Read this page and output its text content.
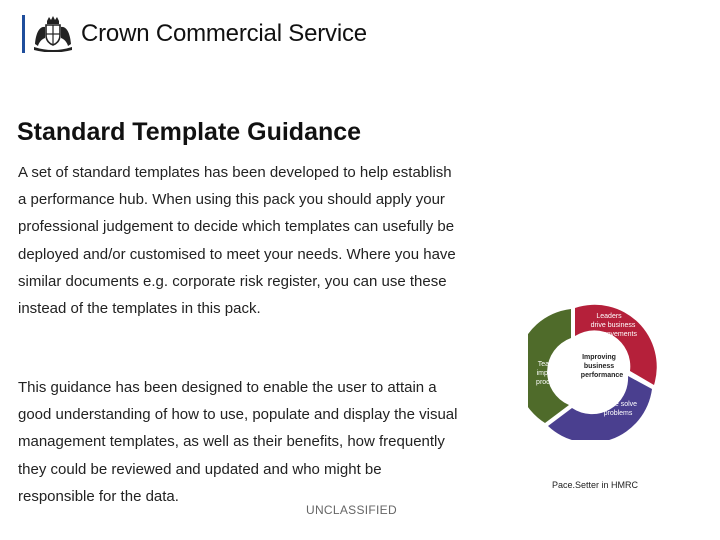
Crown Commercial Service
Standard Template Guidance

A set of standard templates has been developed to help establish a performance hub. When using this pack you should apply your professional judgement to decide which templates can usefully be deployed and/or customised to meet your needs. Where you have similar documents e.g. corporate risk register, you can use these instead of the templates in this pack.

This guidance has been designed to enable the user to attain a good understanding of how to use, populate and display the visual management templates, as well as their benefits, how frequently they could be reviewed and updated and who might be responsible for the data.

Leaders drive business improvements
People solve problems
Teams improve processes
Improving business performance
Pace.Setter in HMRC
UNCLASSIFIED
